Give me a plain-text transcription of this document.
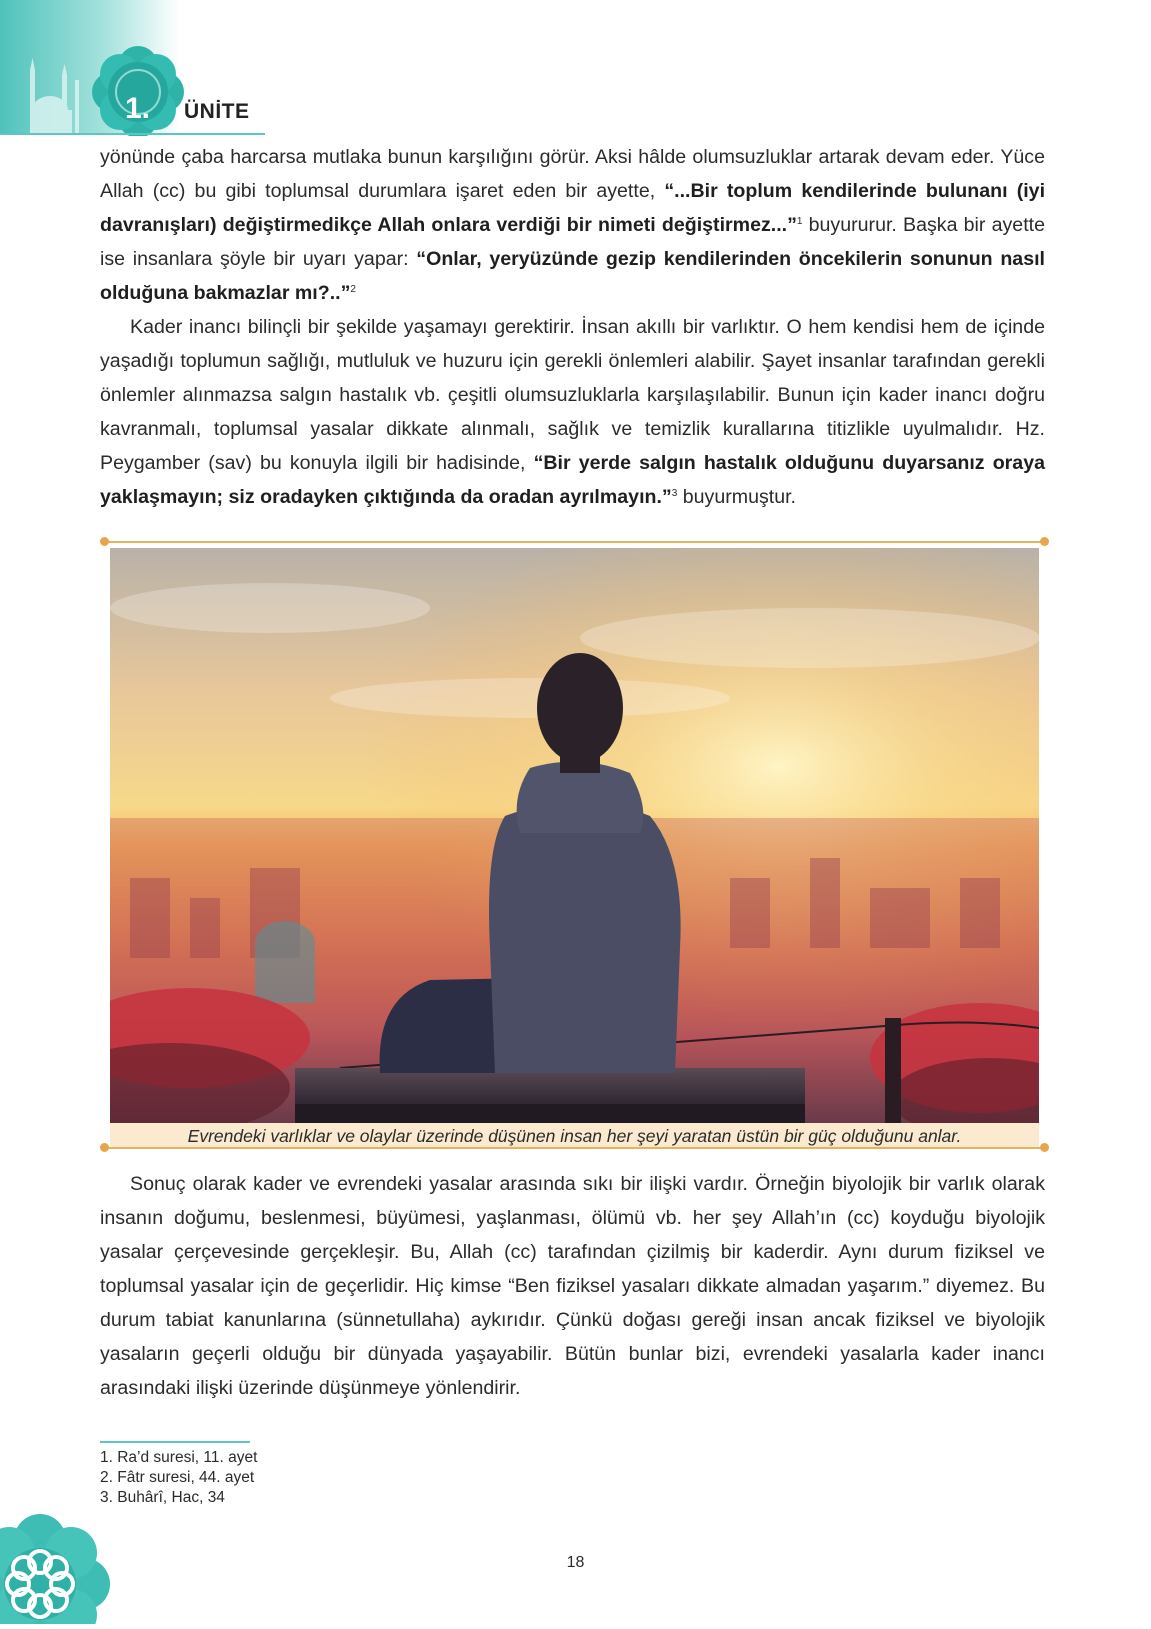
1. ÜNİTE

yönünde çaba harcarsa mutlaka bunun karşılığını görür. Aksi hâlde olumsuzluklar artarak devam eder. Yüce Allah (cc) bu gibi toplumsal durumlara işaret eden bir ayette, “...Bir toplum kendilerinde bulunanı (iyi davranışları) değiştirmedikçe Allah onlara verdiği bir nimeti değiştirmez...”$^1$ buyururur. Başka bir ayette ise insanlara şöyle bir uyarı yapar: “Onlar, yeryüzünde gezip kendilerinden öncekilerin sonunun nasıl olduğuna bakmazlar mı?..”$^2$

Kader inancı bilinçli bir şekilde yaşamayı gerektirir. İnsan akıllı bir varlıktır. O hem kendisi hem de içinde yaşadığı toplumun sağlığı, mutluluk ve huzuru için gerekli önlemleri alabilir. Şayet insanlar tarafından gerekli önlemler alınmazsa salgın hastalık vb. çeşitli olumsuzluklarla karşılaşılabilir. Bunun için kader inancı doğru kavranmalı, toplumsal yasalar dikkate alınmalı, sağlık ve temizlik kurallarına titizlikle uyulmalıdır. Hz. Peygamber (sav) bu konuyla ilgili bir hadisinde, “Bir yerde salgın hastalık olduğunu duyarsanız oraya yaklaşmayın; siz oradayken çıktığında da oradan ayrılmayın.”$^3$ buyurmuştur.

Evrendeki varlıklar ve olaylar üzerinde düşünen insan her şeyi yaratan üstün bir güç olduğunu anlar.

Sonuç olarak kader ve evrendeki yasalar arasında sıkı bir ilişki vardır. Örneğin biyolojik bir varlık olarak insanın doğumu, beslenmesi, büyümesi, yaşlanması, ölümü vb. her şey Allah’ın (cc) koyduğu biyolojik yasalar çerçevesinde gerçekleşir. Bu, Allah (cc) tarafından çizilmiş bir kaderdir. Aynı durum fiziksel ve toplumsal yasalar için de geçerlidir. Hiç kimse “Ben fiziksel yasaları dikkate almadan yaşarım.” diyemez. Bu durum tabiat kanunlarına (sünnetullaha) aykırıdır. Çünkü doğası gereği insan ancak fiziksel ve biyolojik yasaların geçerli olduğu bir dünyada yaşayabilir. Bütün bunlar bizi, evrendeki yasalarla kader inancı arasındaki ilişki üzerinde düşünmeye yönlendirir.

1. Ra’d suresi, 11. ayet
2. Fâtr suresi, 44. ayet
3. Buhârî, Hac, 34
18
